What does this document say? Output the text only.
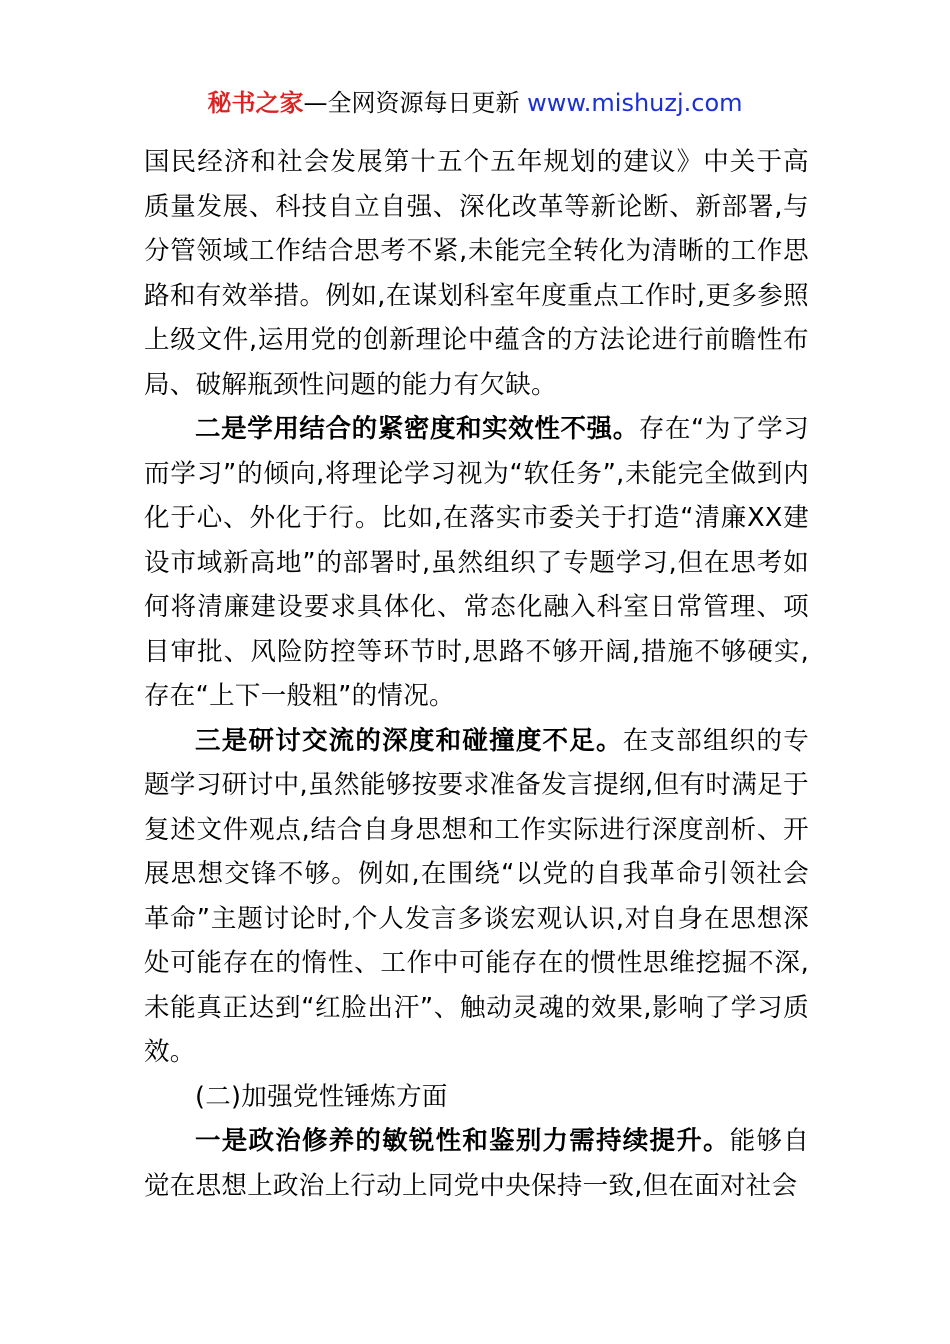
秘书之家—全网资源每日更新 www.mishuzj.com

国民经济和社会发展第十五个五年规划的建议》中关于高质量发展、科技自立自强、深化改革等新论断、新部署,与分管领域工作结合思考不紧,未能完全转化为清晰的工作思路和有效举措。例如,在谋划科室年度重点工作时,更多参照上级文件,运用党的创新理论中蕴含的方法论进行前瞻性布局、破解瓶颈性问题的能力有欠缺。

二是学用结合的紧密度和实效性不强。存在“为了学习而学习”的倾向,将理论学习视为“软任务”,未能完全做到内化于心、外化于行。比如,在落实市委关于打造“清廉XX建设市域新高地”的部署时,虽然组织了专题学习,但在思考如何将清廉建设要求具体化、常态化融入科室日常管理、项目审批、风险防控等环节时,思路不够开阔,措施不够硬实,存在“上下一般粗”的情况。

三是研讨交流的深度和碰撞度不足。在支部组织的专题学习研讨中,虽然能够按要求准备发言提纲,但有时满足于复述文件观点,结合自身思想和工作实际进行深度剖析、开展思想交锋不够。例如,在围绕“以党的自我革命引领社会革命”主题讨论时,个人发言多谈宏观认识,对自身在思想深处可能存在的惰性、工作中可能存在的惯性思维挖掘不深,未能真正达到“红脸出汗”、触动灵魂的效果,影响了学习质效。

(二)加强党性锤炼方面

一是政治修养的敏锐性和鉴别力需持续提升。能够自觉在思想上政治上行动上同党中央保持一致,但在面对社会
